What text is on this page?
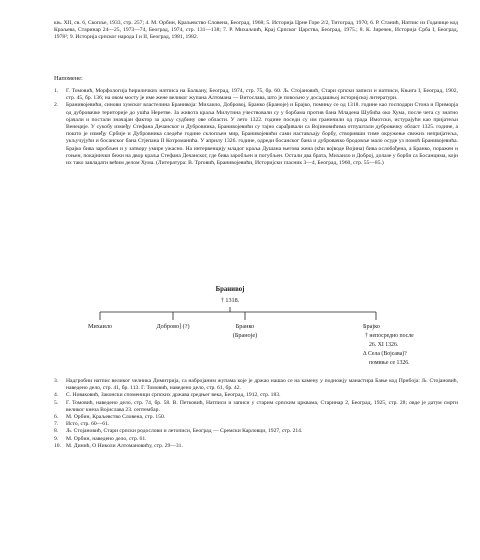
књ. XII, св. 6, Скопље, 1933, стр. 257; 4. М. Орбин, Краљевство Словена, Београд, 1968; 5. Историја Црне Горе 2/2, Титоград, 1970; 6. Р. Станић, Натпис из Годачице код Краљева, Старинар 24—25, 1973—74, Београд, 1974, стр. 131—138; 7. Р. Михаљчић, Крај Српског Царства, Београд, 1975.; 8. К. Јиречек, Историја Срба I, Београд, 1978²; 9. Историја српског народа I и II, Београд, 1981, 1982.
Напомене:
1. Г. Томовић, Морфологија ћириличких натписа на Балкану, Београд, 1974, стр. 75, бр. 60. Љ. Стојановић, Стари српски записи и натписи, Књига I, Београд, 1902, стр. 45, бр. 136; на овом мосту је име жене великог жупана Алтомана — Витослава, што је повољно у досадашњој историјској литератури.
2. Бранивојевићи, синови хумског властелина Бранивоја: Михаило, Добровој, Бранко (Бранојe) и Брајко, помињу се од 1318. године као господари Стона и Приморја од дубровачке територије до ушћа Неретве. За живота краља Милутина учествовали су у борбама против бана Младена Шубића око Хума, после чега су знатно ојачали и постали значајан фактор за даљу судбину ове области. У лето 1322. године поседи су им граничили од града Имотски, истурајући као пријатељи Венеције. У сукобу између Стефана Дечанског и Дубровника, Бранивојевићи су тајно сарађивали са Војиновићима отпуштали дубровачку област 1325. године, а пошто је између Србије и Дубровника следеће године склопљен мир, Бранивојевићи сами настављају борбу, створивши тиме окружење свежих непријатеља, укључујући и босанског бана Стјепана II Котроманића. У априлу 1326. године, одреди босанског бана и дубровачко бродовље мало осуде уз помоћ Бранивојевића. Брајко бива заробљен и у затвору умире ужасно. На интервенцију младог краља Душана његова жена (кћи војводе Војина) бива ослобођена, а Бранко, поражен и гоњен, покајнички бежи на двор краља Стефана Дечанског, где бива заробљен и погубљен. Остали два брата, Михаило и Доброј, долазе у борби са Босанцима, који их тако завладати већим делом Хума. (Литература: В. Трговић, Бранивојевићи, Историјски гласник 3—4, Београд, 1960, стр. 55—85.)
Бранивој
† 1318.
Михаило	Доброво] (?)	Бранко
(Брaнojе)
Брајко
† непосредно после
26. XI 1326.
∆ Села (Војсава)?
помиње се 1326.
3. Надгробни натпис великог челника Димитрија, са набројаним жупама које је држао нашао се на камену у подножју манастира Бање код Прибоја: Љ. Стојановић, наведено дело, стр. 41, бр. 113. Г. Томовић, наведено дело, стр. 61, бр. 42.
4. С. Новаковић, Законски споменици српских држава средњег века, Београд, 1912, стр. 183.
5. Г. Томовић, наведено дело, стр. 74, бр. 58. В. Петковић, Натписи и записи у старим српским црквама, Старинар 2, Београд, 1925, стр. 28; овде је датум смрти великог кнеза Војислава 23. септембар.
6. М. Орбин, Краљевство Словена, стр. 150.
7. Исто, стр. 60—61.
8. Љ. Стојановић, Стари српски родослови и летописи, Београд — Сремски Карловци, 1927, стр. 214.
9. М. Орбин, наведено дело, стр. 61.
10. М. Динић, О Николи Алтомановићу, стр. 29—31.
